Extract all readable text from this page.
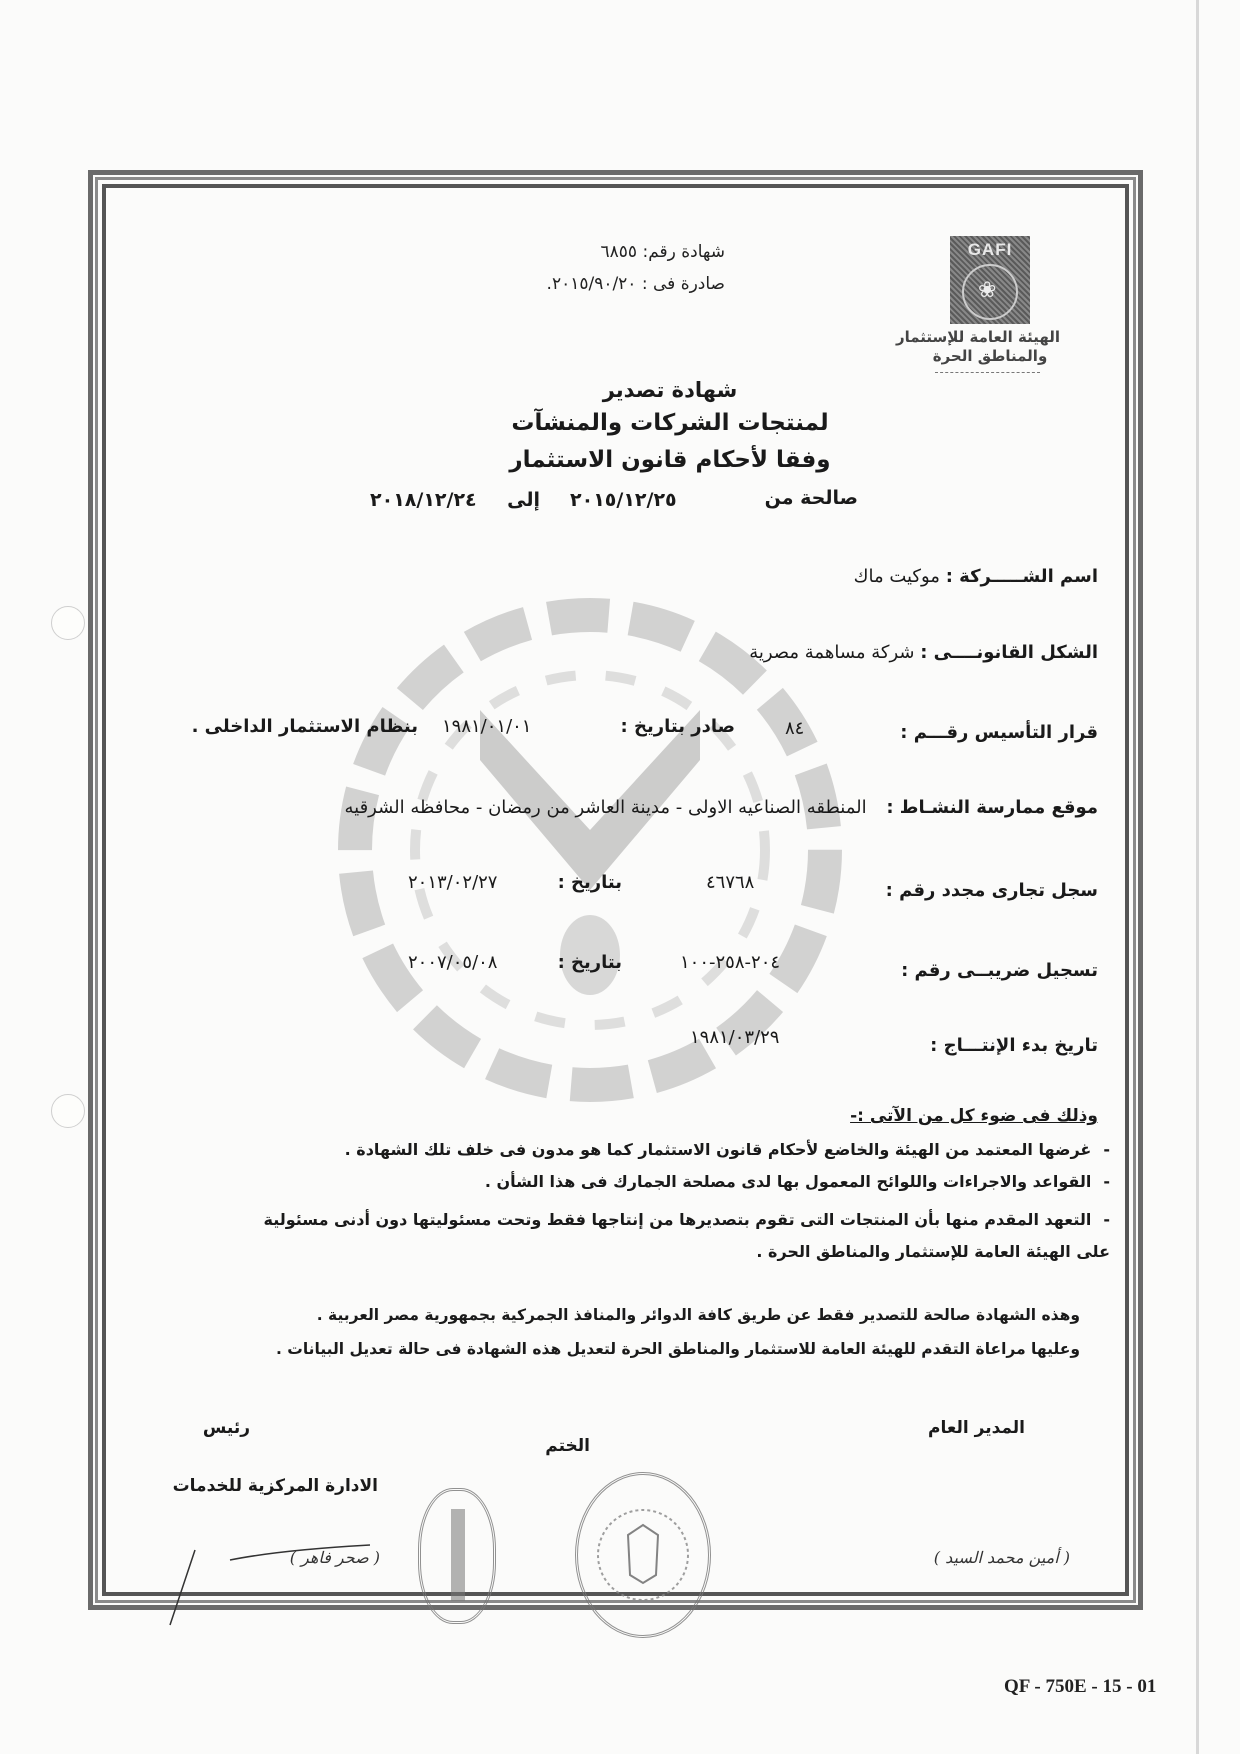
GAFI
❀
الهيئة العامة للإستثمار
والمناطق الحرة
شهادة رقم: ٦٨٥٥
صادرة فى : ٢٠١٥/٩٠/٢٠.
شهادة تصدير
لمنتجات الشركات والمنشآت
وفقا لأحكام قانون الاستثمار
صالحة من
٢٠١٥/١٢/٢٥
إلى
٢٠١٨/١٢/٢٤
اسم الشـــــركة : موكيت ماك
الشكل القانونــــى : شركة مساهمة مصرية
قرار التأسيس رقـــم :
٨٤
صادر بتاريخ :
١٩٨١/٠١/٠١
بنظام الاستثمار الداخلى .
موقع ممارسة النشـاط : المنطقه الصناعيه الاولى - مدينة العاشر من رمضان - محافظه الشرقيه
سجل تجارى مجدد رقم :
٤٦٧٦٨
بتاريخ :
٢٠١٣/٠٢/٢٧
تسجيل ضريبــى رقم :
٢٠٤-٢٥٨-١٠٠
بتاريخ :
٢٠٠٧/٠٥/٠٨
تاريخ بدء الإنتـــاج :
١٩٨١/٠٣/٢٩
وذلك فى ضوء كل من الآتى :-
-غرضها المعتمد من الهيئة والخاضع لأحكام قانون الاستثمار كما هو مدون فى خلف تلك الشهادة .
-القواعد والاجراءات واللوائح المعمول بها لدى مصلحة الجمارك فى هذا الشأن .
-التعهد المقدم منها بأن المنتجات التى تقوم بتصديرها من إنتاجها فقط وتحت مسئوليتها دون أدنى مسئولية على الهيئة العامة للإستثمار والمناطق الحرة .
وهذه الشهادة صالحة للتصدير فقط عن طريق كافة الدوائر والمنافذ الجمركية بجمهورية مصر العربية .
وعليها مراعاة التقدم للهيئة العامة للاستثمار والمناطق الحرة لتعديل هذه الشهادة فى حالة تعديل البيانات .
المدير العام
( أمين محمد السيد )
الختم
رئيس
الادارة المركزية للخدمات
( صحر فاهر )
QF - 750E - 15 - 01
